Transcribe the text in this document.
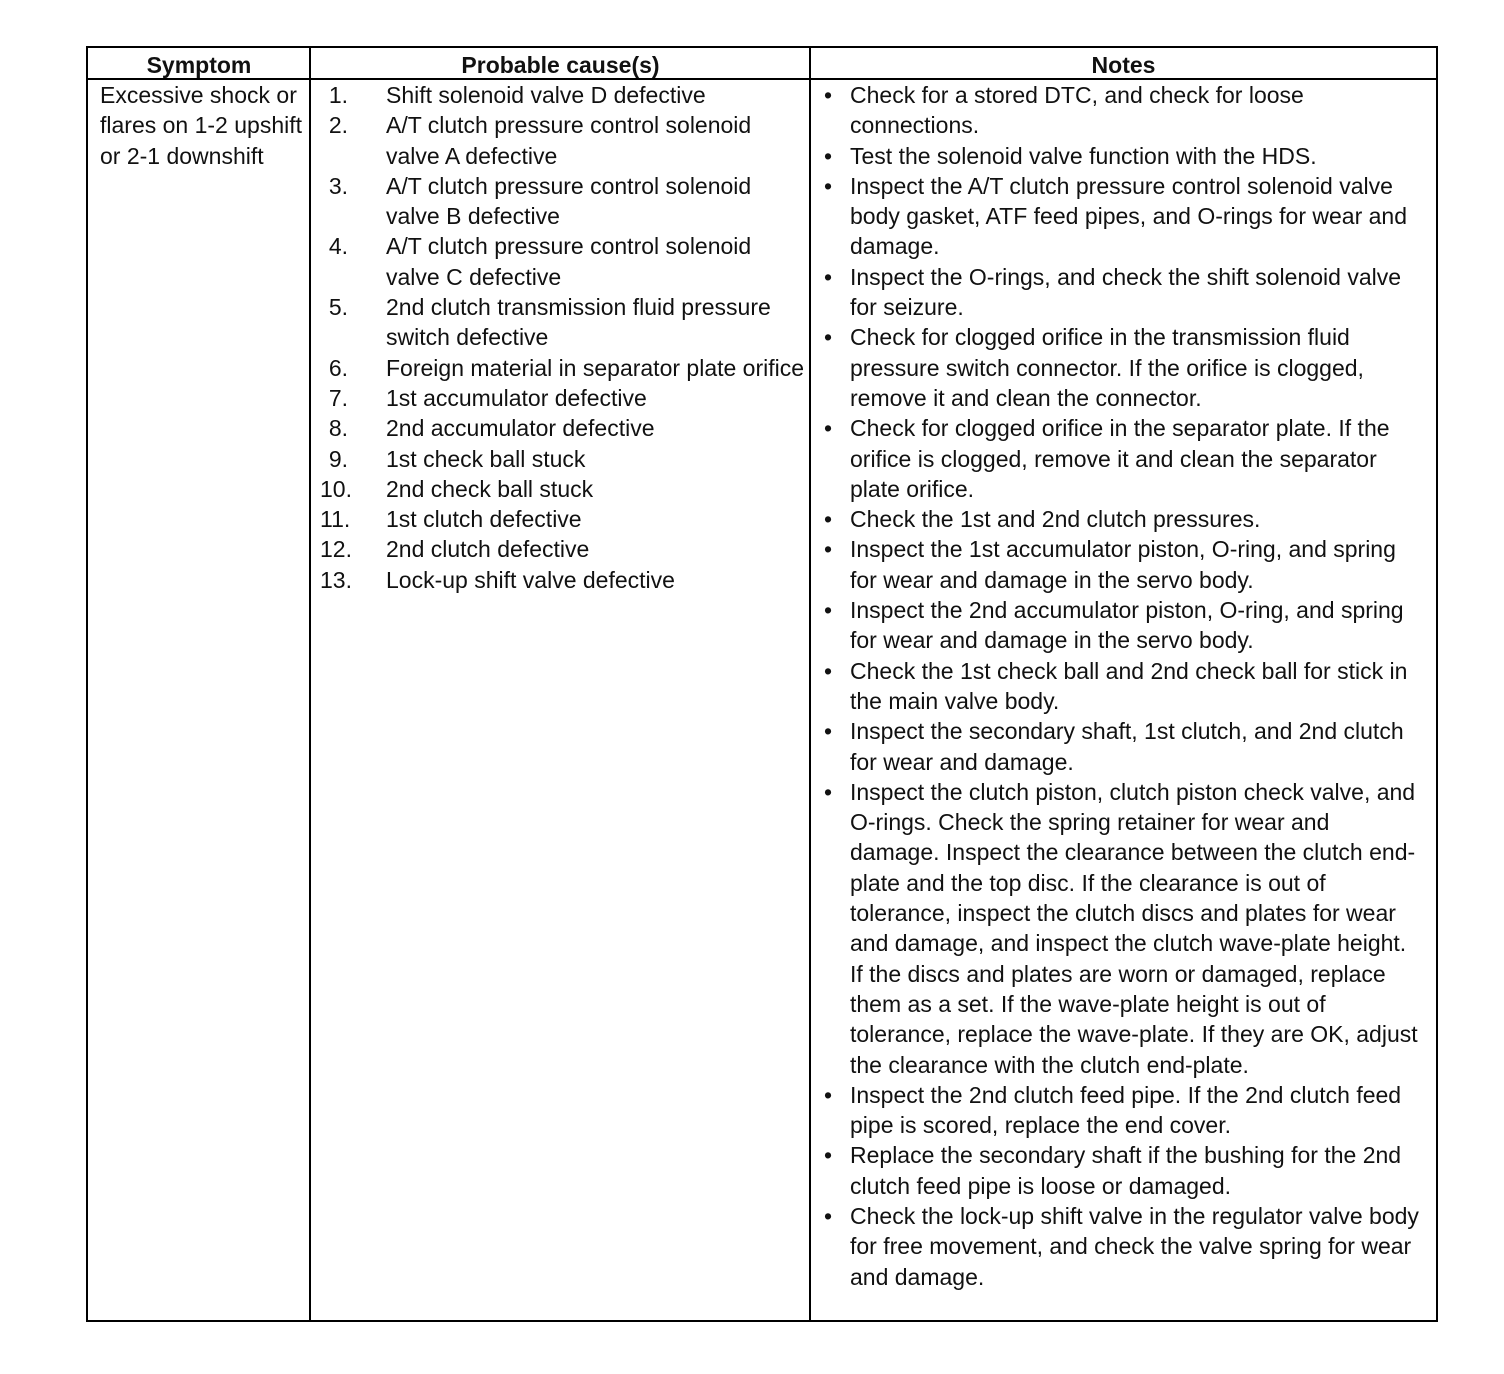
Symptom	Probable cause(s)	Notes
Excessive shock or flares on 1-2 upshift or 2-1 downshift
1. Shift solenoid valve D defective
2. A/T clutch pressure control solenoid valve A defective
3. A/T clutch pressure control solenoid valve B defective
4. A/T clutch pressure control solenoid valve C defective
5. 2nd clutch transmission fluid pressure switch defective
6. Foreign material in separator plate orifice
7. 1st accumulator defective
8. 2nd accumulator defective
9. 1st check ball stuck
10. 2nd check ball stuck
11. 1st clutch defective
12. 2nd clutch defective
13. Lock-up shift valve defective
• Check for a stored DTC, and check for loose connections.
• Test the solenoid valve function with the HDS.
• Inspect the A/T clutch pressure control solenoid valve body gasket, ATF feed pipes, and O-rings for wear and damage.
• Inspect the O-rings, and check the shift solenoid valve for seizure.
• Check for clogged orifice in the transmission fluid pressure switch connector. If the orifice is clogged, remove it and clean the connector.
• Check for clogged orifice in the separator plate. If the orifice is clogged, remove it and clean the separator plate orifice.
• Check the 1st and 2nd clutch pressures.
• Inspect the 1st accumulator piston, O-ring, and spring for wear and damage in the servo body.
• Inspect the 2nd accumulator piston, O-ring, and spring for wear and damage in the servo body.
• Check the 1st check ball and 2nd check ball for stick in the main valve body.
• Inspect the secondary shaft, 1st clutch, and 2nd clutch for wear and damage.
• Inspect the clutch piston, clutch piston check valve, and O-rings. Check the spring retainer for wear and damage. Inspect the clearance between the clutch end-plate and the top disc. If the clearance is out of tolerance, inspect the clutch discs and plates for wear and damage, and inspect the clutch wave-plate height. If the discs and plates are worn or damaged, replace them as a set. If the wave-plate height is out of tolerance, replace the wave-plate. If they are OK, adjust the clearance with the clutch end-plate.
• Inspect the 2nd clutch feed pipe. If the 2nd clutch feed pipe is scored, replace the end cover.
• Replace the secondary shaft if the bushing for the 2nd clutch feed pipe is loose or damaged.
• Check the lock-up shift valve in the regulator valve body for free movement, and check the valve spring for wear and damage.
